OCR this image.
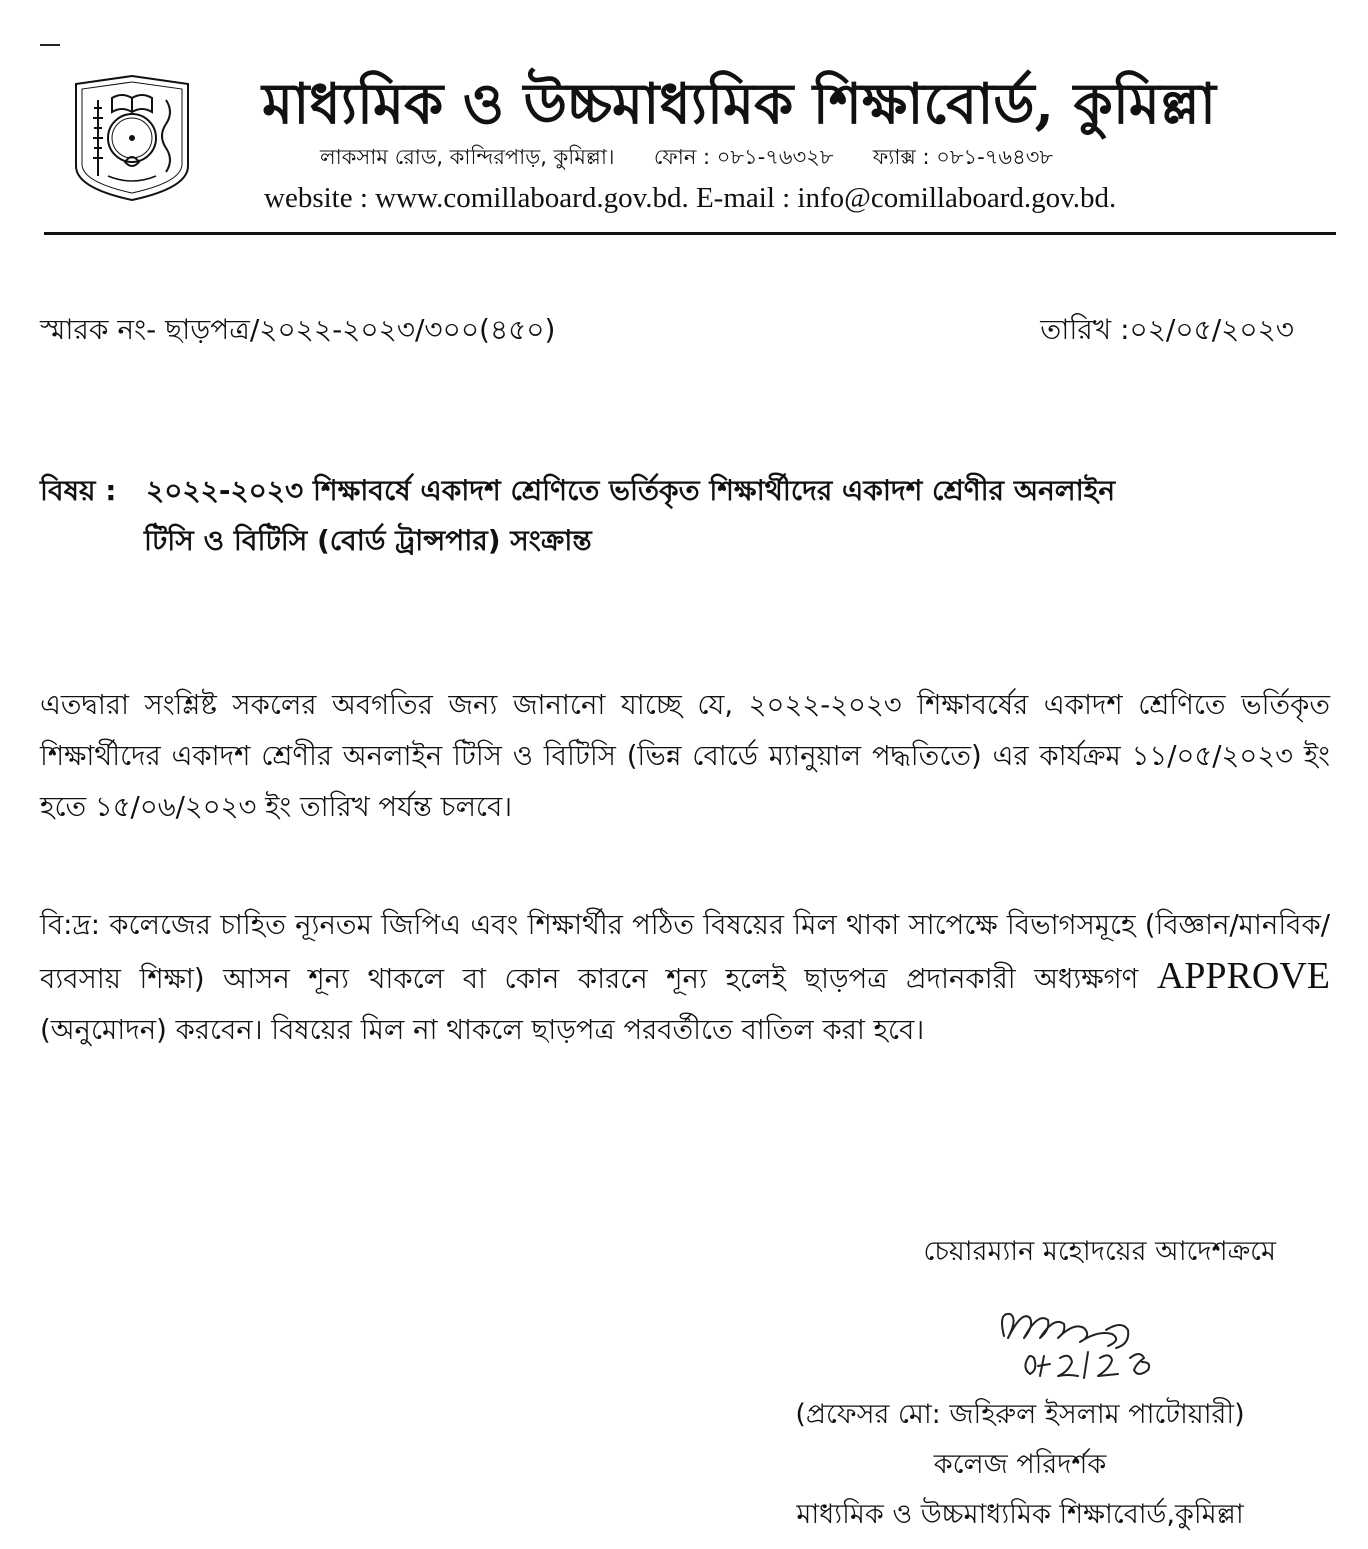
মাধ্যমিক ও উচ্চমাধ্যমিক শিক্ষাবোর্ড, কুমিল্লা
লাকসাম রোড, কান্দিরপাড়, কুমিল্লা। ফোন : ০৮১-৭৬৩২৮ ফ্যাক্স : ০৮১-৭৬৪৩৮
website : www.comillaboard.gov.bd. E-mail : info@comillaboard.gov.bd.
স্মারক নং- ছাড়পত্র/২০২২-২০২৩/৩০০(৪৫০)	তারিখ :০২/০৫/২০২৩
বিষয় : ২০২২-২০২৩ শিক্ষাবর্ষে একাদশ শ্রেণিতে ভর্তিকৃত শিক্ষার্থীদের একাদশ শ্রেণীর অনলাইন
টিসি ও বিটিসি (বোর্ড ট্রান্সপার) সংক্রান্ত
এতদ্বারা সংশ্লিষ্ট সকলের অবগতির জন্য জানানো যাচ্ছে যে, ২০২২-২০২৩ শিক্ষাবর্ষের একাদশ শ্রেণিতে ভর্তিকৃত শিক্ষার্থীদের একাদশ শ্রেণীর অনলাইন টিসি ও বিটিসি (ভিন্ন বোর্ডে ম্যানুয়াল পদ্ধতিতে) এর কার্যক্রম ১১/০৫/২০২৩ ইং হতে ১৫/০৬/২০২৩ ইং তারিখ পর্যন্ত চলবে।
বি:দ্র: কলেজের চাহিত ন্যূনতম জিপিএ এবং শিক্ষার্থীর পঠিত বিষয়ের মিল থাকা সাপেক্ষে বিভাগসমূহে (বিজ্ঞান/মানবিক/ব্যবসায় শিক্ষা) আসন শূন্য থাকলে বা কোন কারনে শূন্য হলেই ছাড়পত্র প্রদানকারী অধ্যক্ষগণ APPROVE (অনুমোদন) করবেন। বিষয়ের মিল না থাকলে ছাড়পত্র পরবর্তীতে বাতিল করা হবে।
চেয়ারম্যান মহোদয়ের আদেশক্রমে
(প্রফেসর মো: জহিরুল ইসলাম পাটোয়ারী)
কলেজ পরিদর্শক
মাধ্যমিক ও উচ্চমাধ্যমিক শিক্ষাবোর্ড,কুমিল্লা
